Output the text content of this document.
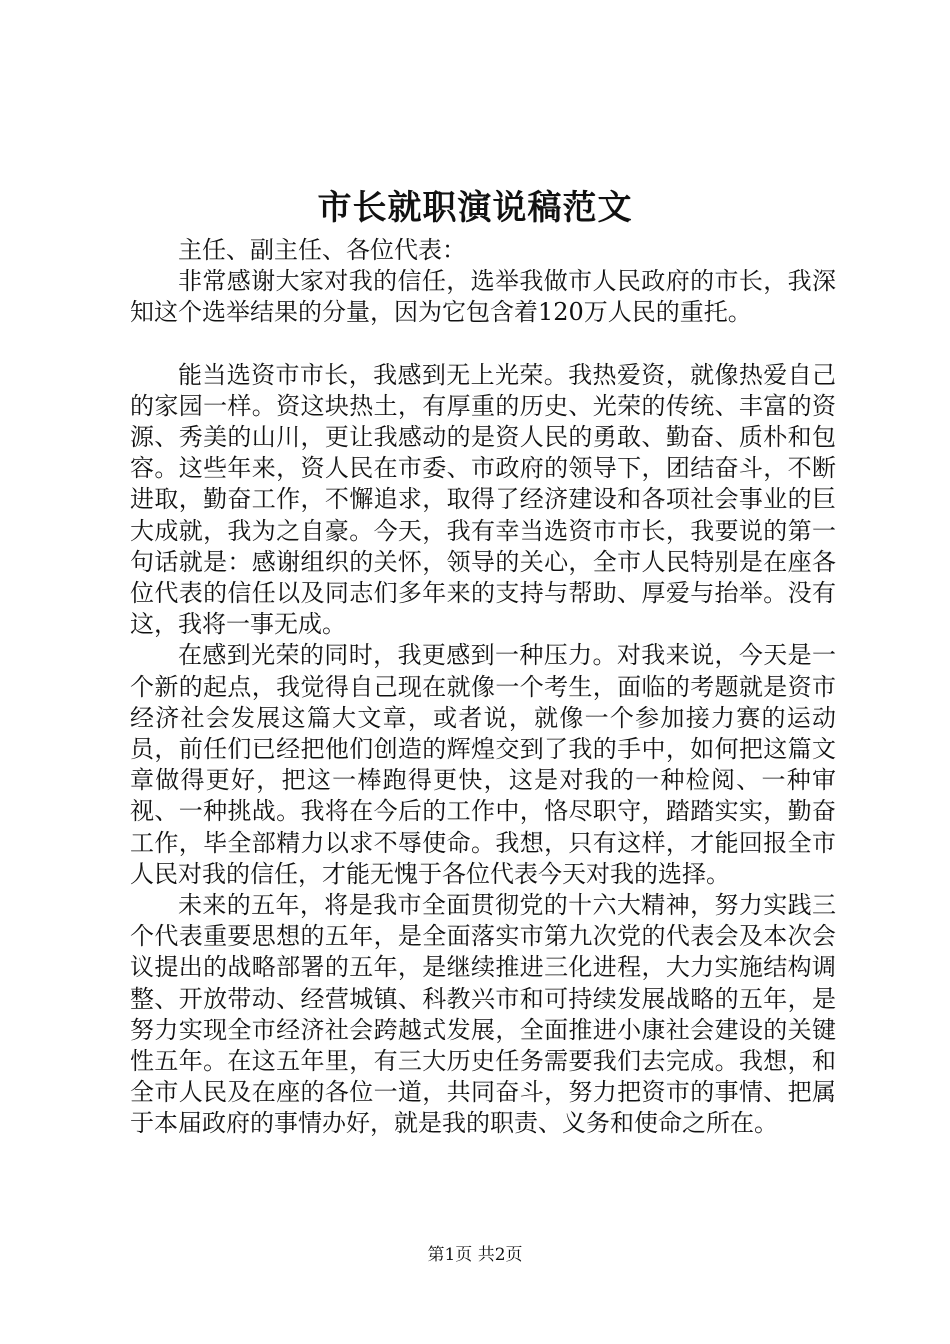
市长就职演说稿范文

主任、副主任、各位代表：

非常感谢大家对我的信任，选举我做市人民政府的市长，我深知这个选举结果的分量，因为它包含着120万人民的重托。

能当选资市市长，我感到无上光荣。我热爱资，就像热爱自己的家园一样。资这块热土，有厚重的历史、光荣的传统、丰富的资源、秀美的山川，更让我感动的是资人民的勇敢、勤奋、质朴和包容。这些年来，资人民在市委、市政府的领导下，团结奋斗，不断进取，勤奋工作，不懈追求，取得了经济建设和各项社会事业的巨大成就，我为之自豪。今天，我有幸当选资市市长，我要说的第一句话就是：感谢组织的关怀，领导的关心，全市人民特别是在座各位代表的信任以及同志们多年来的支持与帮助、厚爱与抬举。没有这，我将一事无成。

在感到光荣的同时，我更感到一种压力。对我来说，今天是一个新的起点，我觉得自己现在就像一个考生，面临的考题就是资市经济社会发展这篇大文章，或者说，就像一个参加接力赛的运动员，前任们已经把他们创造的辉煌交到了我的手中，如何把这篇文章做得更好，把这一棒跑得更快，这是对我的一种检阅、一种审视、一种挑战。我将在今后的工作中，恪尽职守，踏踏实实，勤奋工作，毕全部精力以求不辱使命。我想，只有这样，才能回报全市人民对我的信任，才能无愧于各位代表今天对我的选择。

未来的五年，将是我市全面贯彻党的十六大精神，努力实践三个代表重要思想的五年，是全面落实市第九次党的代表会及本次会议提出的战略部署的五年，是继续推进三化进程，大力实施结构调整、开放带动、经营城镇、科教兴市和可持续发展战略的五年，是努力实现全市经济社会跨越式发展，全面推进小康社会建设的关键性五年。在这五年里，有三大历史任务需要我们去完成。我想，和全市人民及在座的各位一道，共同奋斗，努力把资市的事情、把属于本届政府的事情办好，就是我的职责、义务和使命之所在。

第1页 共2页
